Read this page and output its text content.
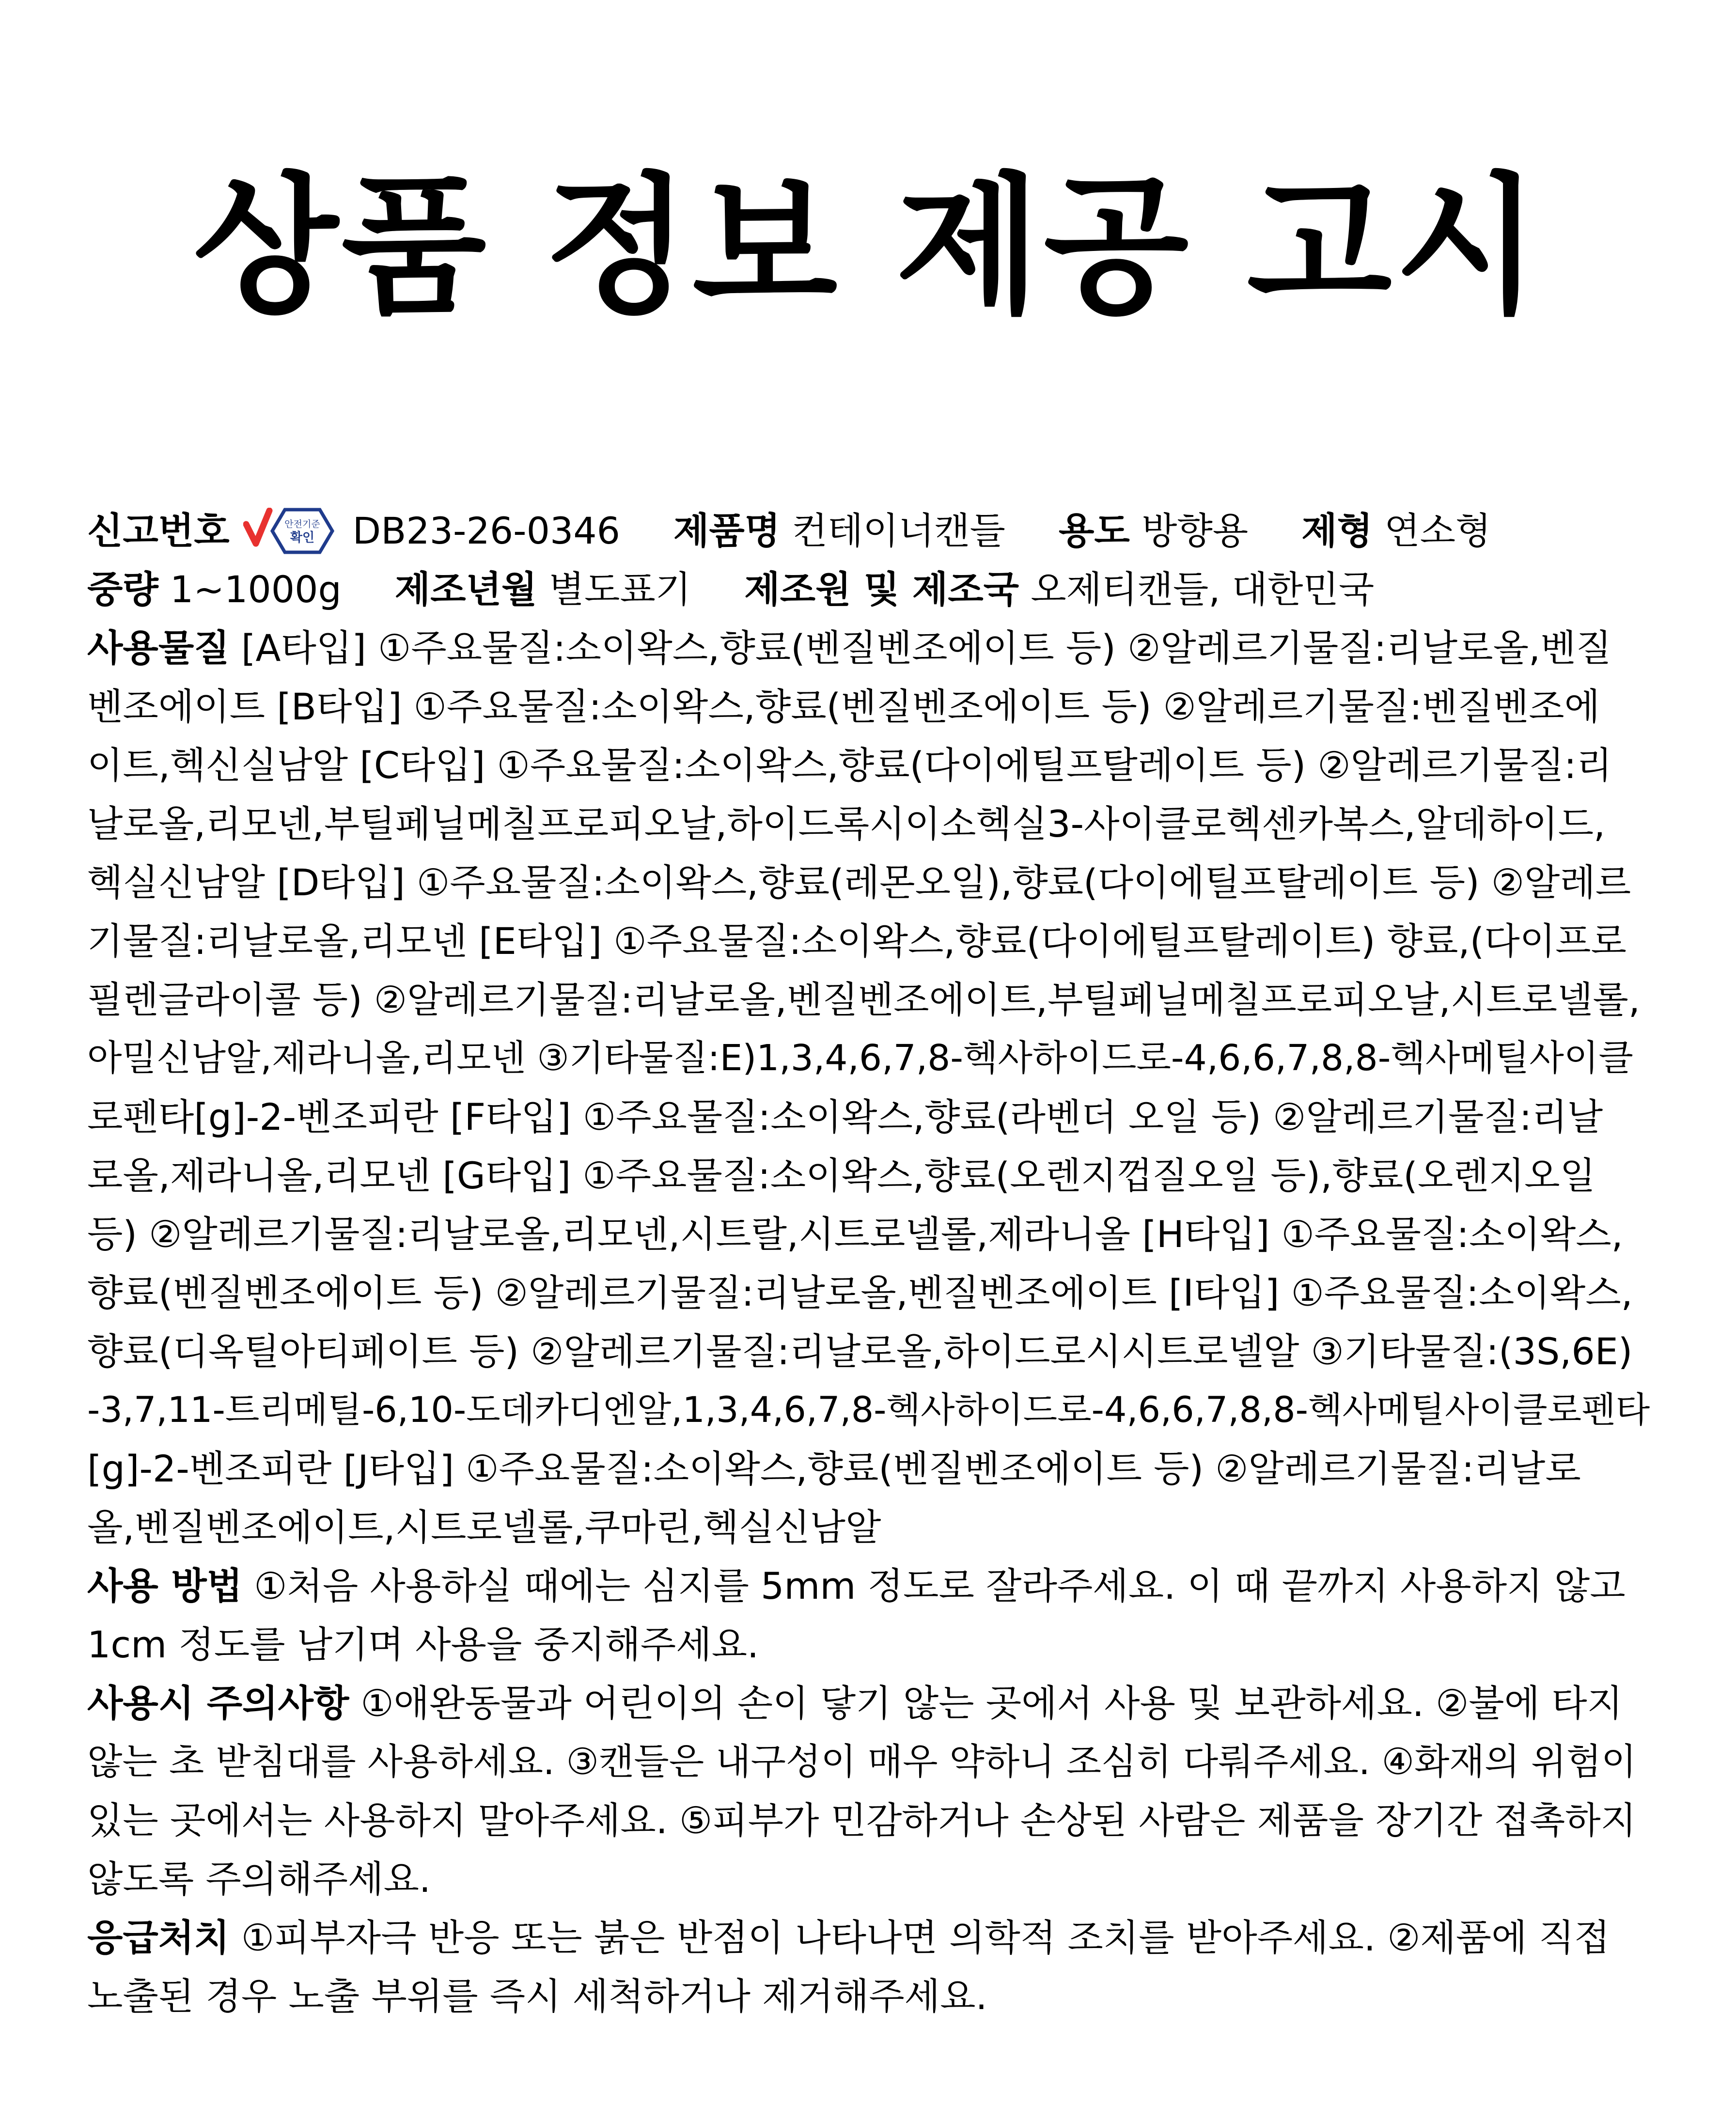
상품 정보 제공 고시
신고번호	안전기준
확인 DB23-26-0346 제품명 컨테이너캔들 용도 방향용 제형 연소형
중량 1~1000g 제조년월 별도표기 제조원 및 제조국 오제티캔들, 대한민국
사용물질 [A타입] ①주요물질:소이왁스,향료(벤질벤조에이트 등) ②알레르기물질:리날로올,벤질
벤조에이트 [B타입] ①주요물질:소이왁스,향료(벤질벤조에이트 등) ②알레르기물질:벤질벤조에
이트,헥신실남알 [C타입] ①주요물질:소이왁스,향료(다이에틸프탈레이트 등) ②알레르기물질:리
날로올,리모넨,부틸페닐메칠프로피오날,하이드록시이소헥실3-사이클로헥센카복스,알데하이드,
헥실신남알 [D타입] ①주요물질:소이왁스,향료(레몬오일),향료(다이에틸프탈레이트 등) ②알레르
기물질:리날로올,리모넨 [E타입] ①주요물질:소이왁스,향료(다이에틸프탈레이트) 향료,(다이프로
필렌글라이콜 등) ②알레르기물질:리날로올,벤질벤조에이트,부틸페닐메칠프로피오날,시트로넬롤,
아밀신남알,제라니올,리모넨 ③기타물질:E)1,3,4,6,7,8-헥사하이드로-4,6,6,7,8,8-헥사메틸사이클
로펜타[g]-2-벤조피란 [F타입] ①주요물질:소이왁스,향료(라벤더 오일 등) ②알레르기물질:리날
로올,제라니올,리모넨 [G타입] ①주요물질:소이왁스,향료(오렌지껍질오일 등),향료(오렌지오일
등) ②알레르기물질:리날로올,리모넨,시트랄,시트로넬롤,제라니올 [H타입] ①주요물질:소이왁스,
향료(벤질벤조에이트 등) ②알레르기물질:리날로올,벤질벤조에이트 [I타입] ①주요물질:소이왁스,
향료(디옥틸아티페이트 등) ②알레르기물질:리날로올,하이드로시시트로넬알 ③기타물질:(3S,6E)
-3,7,11-트리메틸-6,10-도데카디엔알,1,3,4,6,7,8-헥사하이드로-4,6,6,7,8,8-헥사메틸사이클로펜타
[g]-2-벤조피란 [J타입] ①주요물질:소이왁스,향료(벤질벤조에이트 등) ②알레르기물질:리날로
올,벤질벤조에이트,시트로넬롤,쿠마린,헥실신남알
사용 방법 ①처음 사용하실 때에는 심지를 5mm 정도로 잘라주세요. 이 때 끝까지 사용하지 않고
1cm 정도를 남기며 사용을 중지해주세요.
사용시 주의사항 ①애완동물과 어린이의 손이 닿기 않는 곳에서 사용 및 보관하세요. ②불에 타지
않는 초 받침대를 사용하세요. ③캔들은 내구성이 매우 약하니 조심히 다뤄주세요. ④화재의 위험이
있는 곳에서는 사용하지 말아주세요. ⑤피부가 민감하거나 손상된 사람은 제품을 장기간 접촉하지
않도록 주의해주세요.
응급처치 ①피부자극 반응 또는 붉은 반점이 나타나면 의학적 조치를 받아주세요. ②제품에 직접
노출된 경우 노출 부위를 즉시 세척하거나 제거해주세요.
